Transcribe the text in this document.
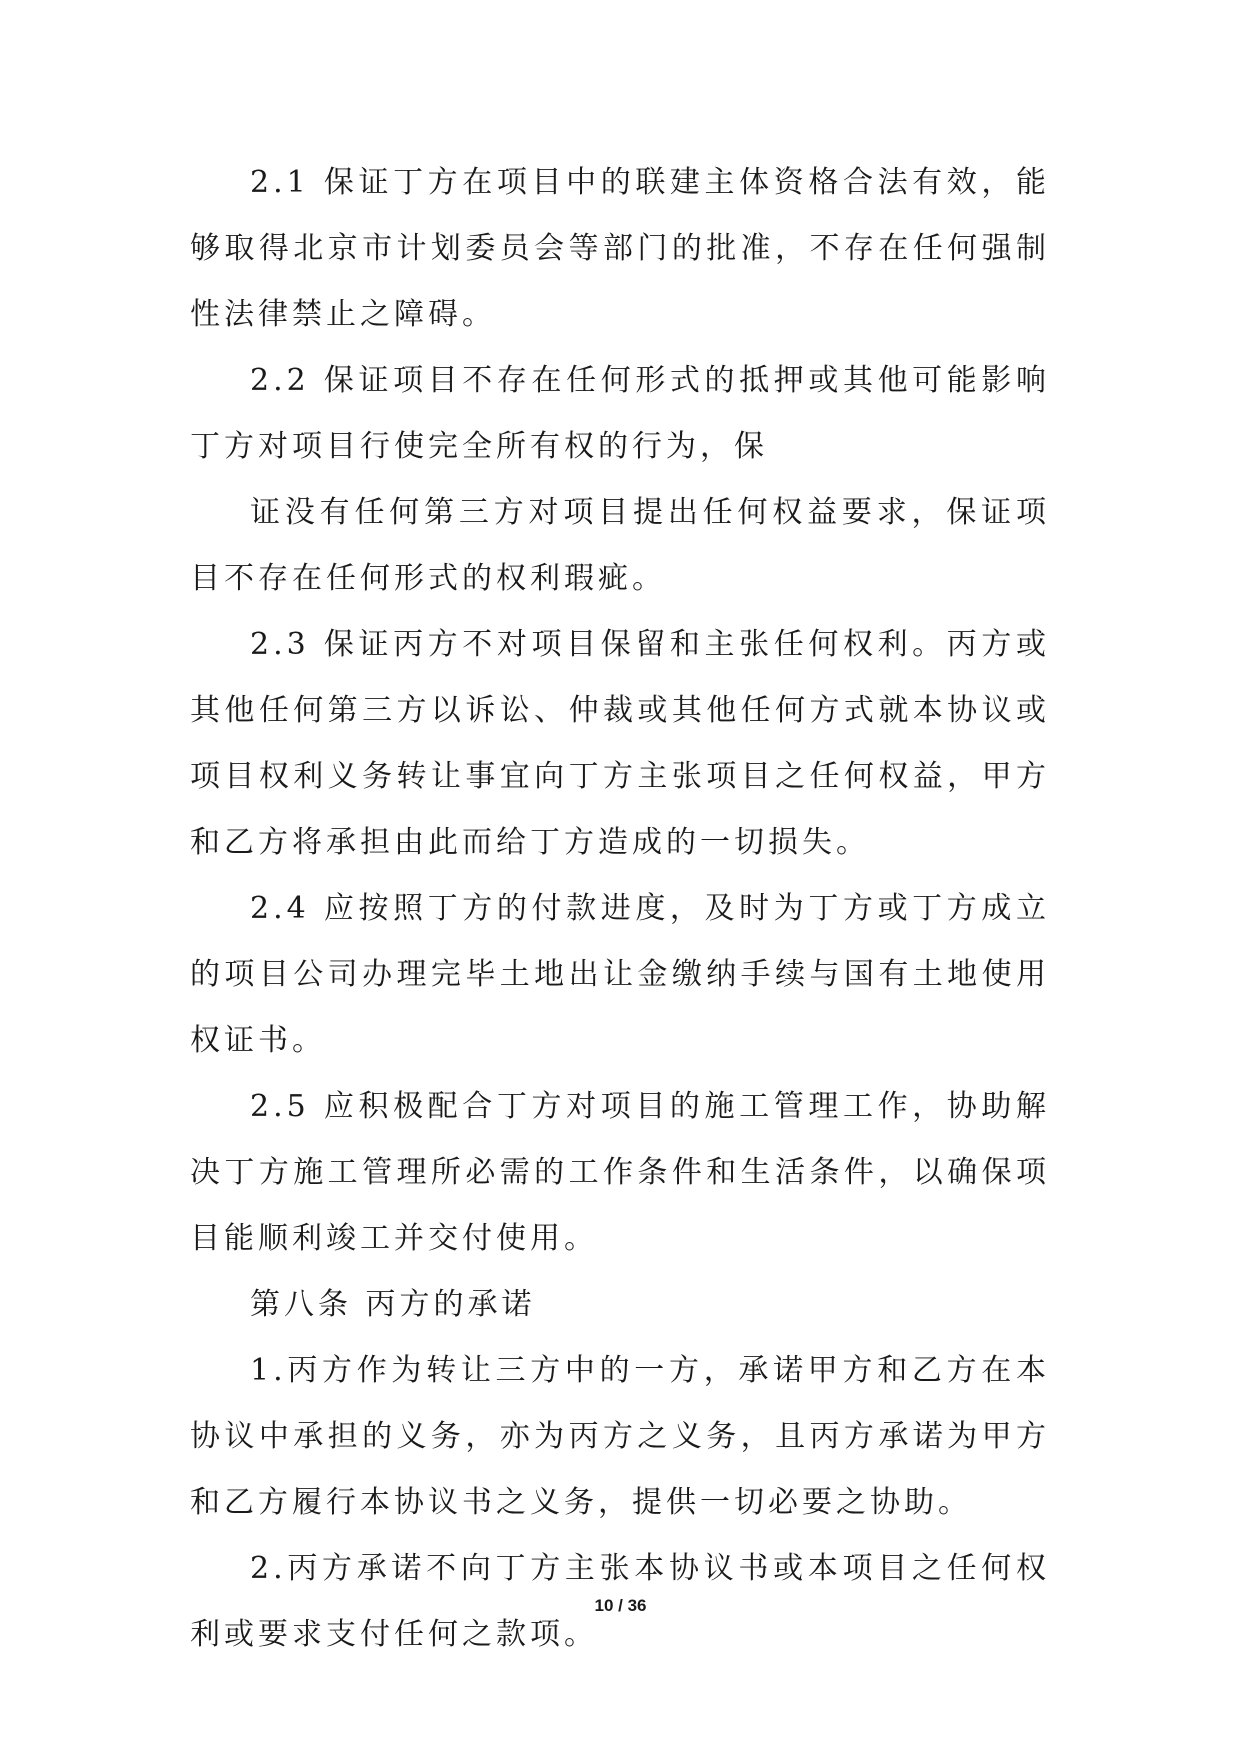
2.1 保证丁方在项目中的联建主体资格合法有效，能够取得北京市计划委员会等部门的批准，不存在任何强制性法律禁止之障碍。

2.2 保证项目不存在任何形式的抵押或其他可能影响丁方对项目行使完全所有权的行为，保

证没有任何第三方对项目提出任何权益要求，保证项目不存在任何形式的权利瑕疵。

2.3 保证丙方不对项目保留和主张任何权利。丙方或其他任何第三方以诉讼、仲裁或其他任何方式就本协议或项目权利义务转让事宜向丁方主张项目之任何权益，甲方和乙方将承担由此而给丁方造成的一切损失。

2.4 应按照丁方的付款进度，及时为丁方或丁方成立的项目公司办理完毕土地出让金缴纳手续与国有土地使用权证书。

2.5 应积极配合丁方对项目的施工管理工作，协助解决丁方施工管理所必需的工作条件和生活条件，以确保项目能顺利竣工并交付使用。

第八条 丙方的承诺

1.丙方作为转让三方中的一方，承诺甲方和乙方在本协议中承担的义务，亦为丙方之义务，且丙方承诺为甲方和乙方履行本协议书之义务，提供一切必要之协助。

2.丙方承诺不向丁方主张本协议书或本项目之任何权利或要求支付任何之款项。

10 / 36
